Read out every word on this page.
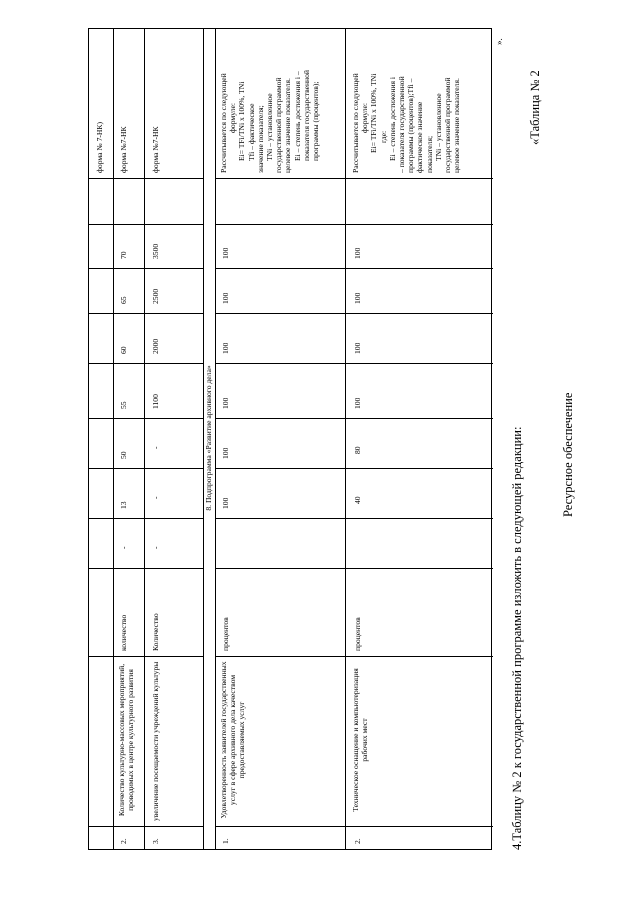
форма № 7-НК)
2.
Количество культурно-массовых мероприятий, проводимых в центре культурного развития
количество
-
13
50
55
60
65
70
форма №7-НК
3.
увеличение посещаемости учреждений культуры
Количество
-
-
-
1100
2000
2500
3500
форма №7-НК
8. Подпрограмма «Развитие архивного дела»
1.
Удовлетворенность заявителей государственных услуг в сфере архивного дела качеством предоставляемых услуг
процентов
100
100
100
100
100
100
Рассчитывается по следующей формуле: Ei= TFi/TNi x 100%, TNi Tfi – фактическое значение показателя; TNi – установленное государственной программой целевое значение показателя. Ei – степень достижения i – показателя государственной программы (процентов);
2.
Техническое оснащение и компьютеризация рабочих мест
процентов
40
80
100
100
100
100
Рассчитывается по следующей формуле: Ei= TFi/TNi x 100%, TNi где: Ei – степень достижения i – показателя государственной программы (процентов);Tfi – фактическое значение показателя; TNi – установленное государственной программой целевое значение показателя.
».
4.Таблицу № 2 к государственной программе изложить в следующей редакции:
«Таблица № 2
Ресурсное обеспечение
